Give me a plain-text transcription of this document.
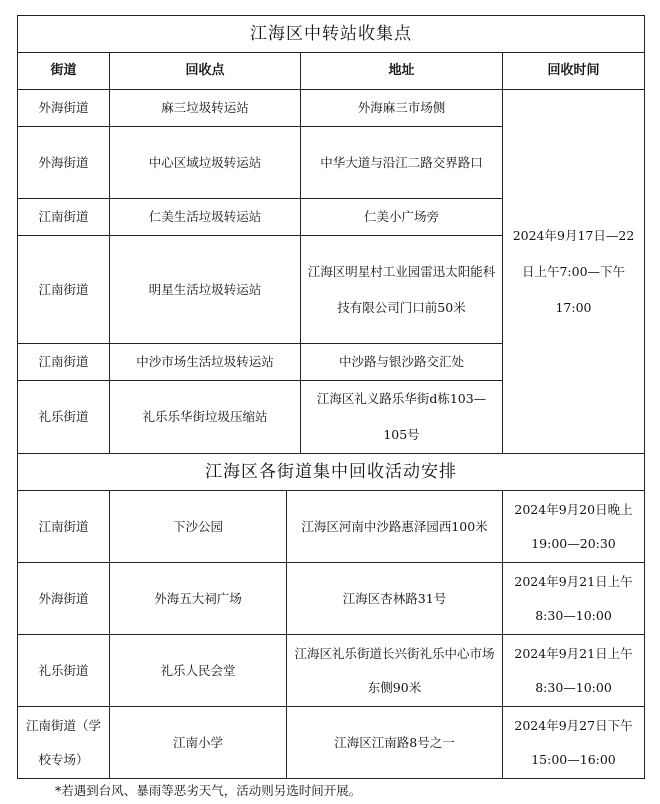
江海区中转站收集点			
街道	回收点	地址	回收时间
外海街道	麻三垃圾转运站	外海麻三市场侧	2024年9月17日—22日上午7:00—下午17:00
外海街道	中心区域垃圾转运站	中华大道与沿江二路交界路口	
江南街道	仁美生活垃圾转运站	仁美小广场旁	
江南街道	明星生活垃圾转运站	江海区明星村工业园雷迅太阳能科技有限公司门口前50米	
江南街道	中沙市场生活垃圾转运站	中沙路与银沙路交汇处	
礼乐街道	礼乐乐华街垃圾压缩站	江海区礼义路乐华街d栋103—105号	
江海区各街道集中回收活动安排			
江南街道	下沙公园	江海区河南中沙路惠泽园西100米	2024年9月20日晚上19:00—20:30
外海街道	外海五大祠广场	江海区杏林路31号	2024年9月21日上午8:30—10:00
礼乐街道	礼乐人民会堂	江海区礼乐街道长兴街礼乐中心市场东侧90米	2024年9月21日上午8:30—10:00
江南街道（学校专场）	江南小学	江海区江南路8号之一	2024年9月27日下午15:00—16:00
*若遇到台风、暴雨等恶劣天气，活动则另选时间开展。
